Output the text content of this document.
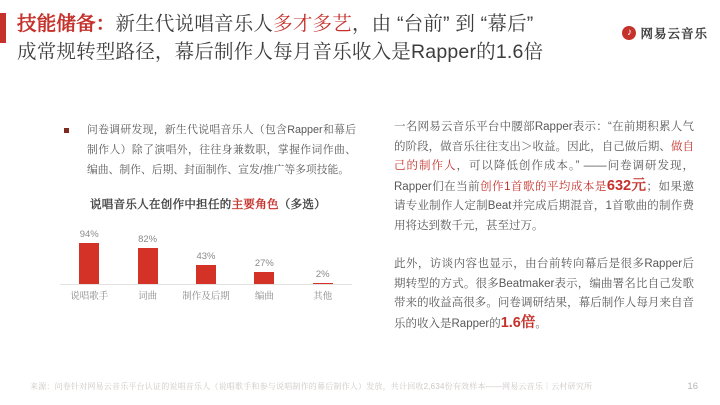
技能储备：新生代说唱音乐人多才多艺，由 “台前” 到 “幕后”
成常规转型路径，幕后制作人每月音乐收入是Rapper的1.6倍
♪ 网易云音乐

问卷调研发现，新生代说唱音乐人（包含Rapper和幕后制作人）除了演唱外，往往身兼数职，掌握作词作曲、编曲、制作、后期、封面制作、宣发/推广等多项技能。

说唱音乐人在创作中担任的主要角色（多选）
94%
说唱歌手
82%
词曲
43%
制作及后期
27%
编曲
2%
其他

一名网易云音乐平台中腰部Rapper表示：“在前期积累人气的阶段，做音乐往往支出＞收益。因此，自己做后期、做自己的制作人，可以降低创作成本。” ——问卷调研发现，Rapper们在当前创作1首歌的平均成本是632元；如果邀请专业制作人定制Beat并完成后期混音，1首歌曲的制作费用将达到数千元，甚至过万。

此外，访谈内容也显示，由台前转向幕后是很多Rapper后期转型的方式。很多Beatmaker表示，编曲署名比自己发歌带来的收益高很多。问卷调研结果，幕后制作人每月来自音乐的收入是Rapper的1.6倍。

来源：问卷针对网易云音乐平台认证的说唱音乐人（说唱歌手和参与说唱制作的幕后制作人）发放，共计回收2,634份有效样本——网易云音乐｜云村研究所	16
